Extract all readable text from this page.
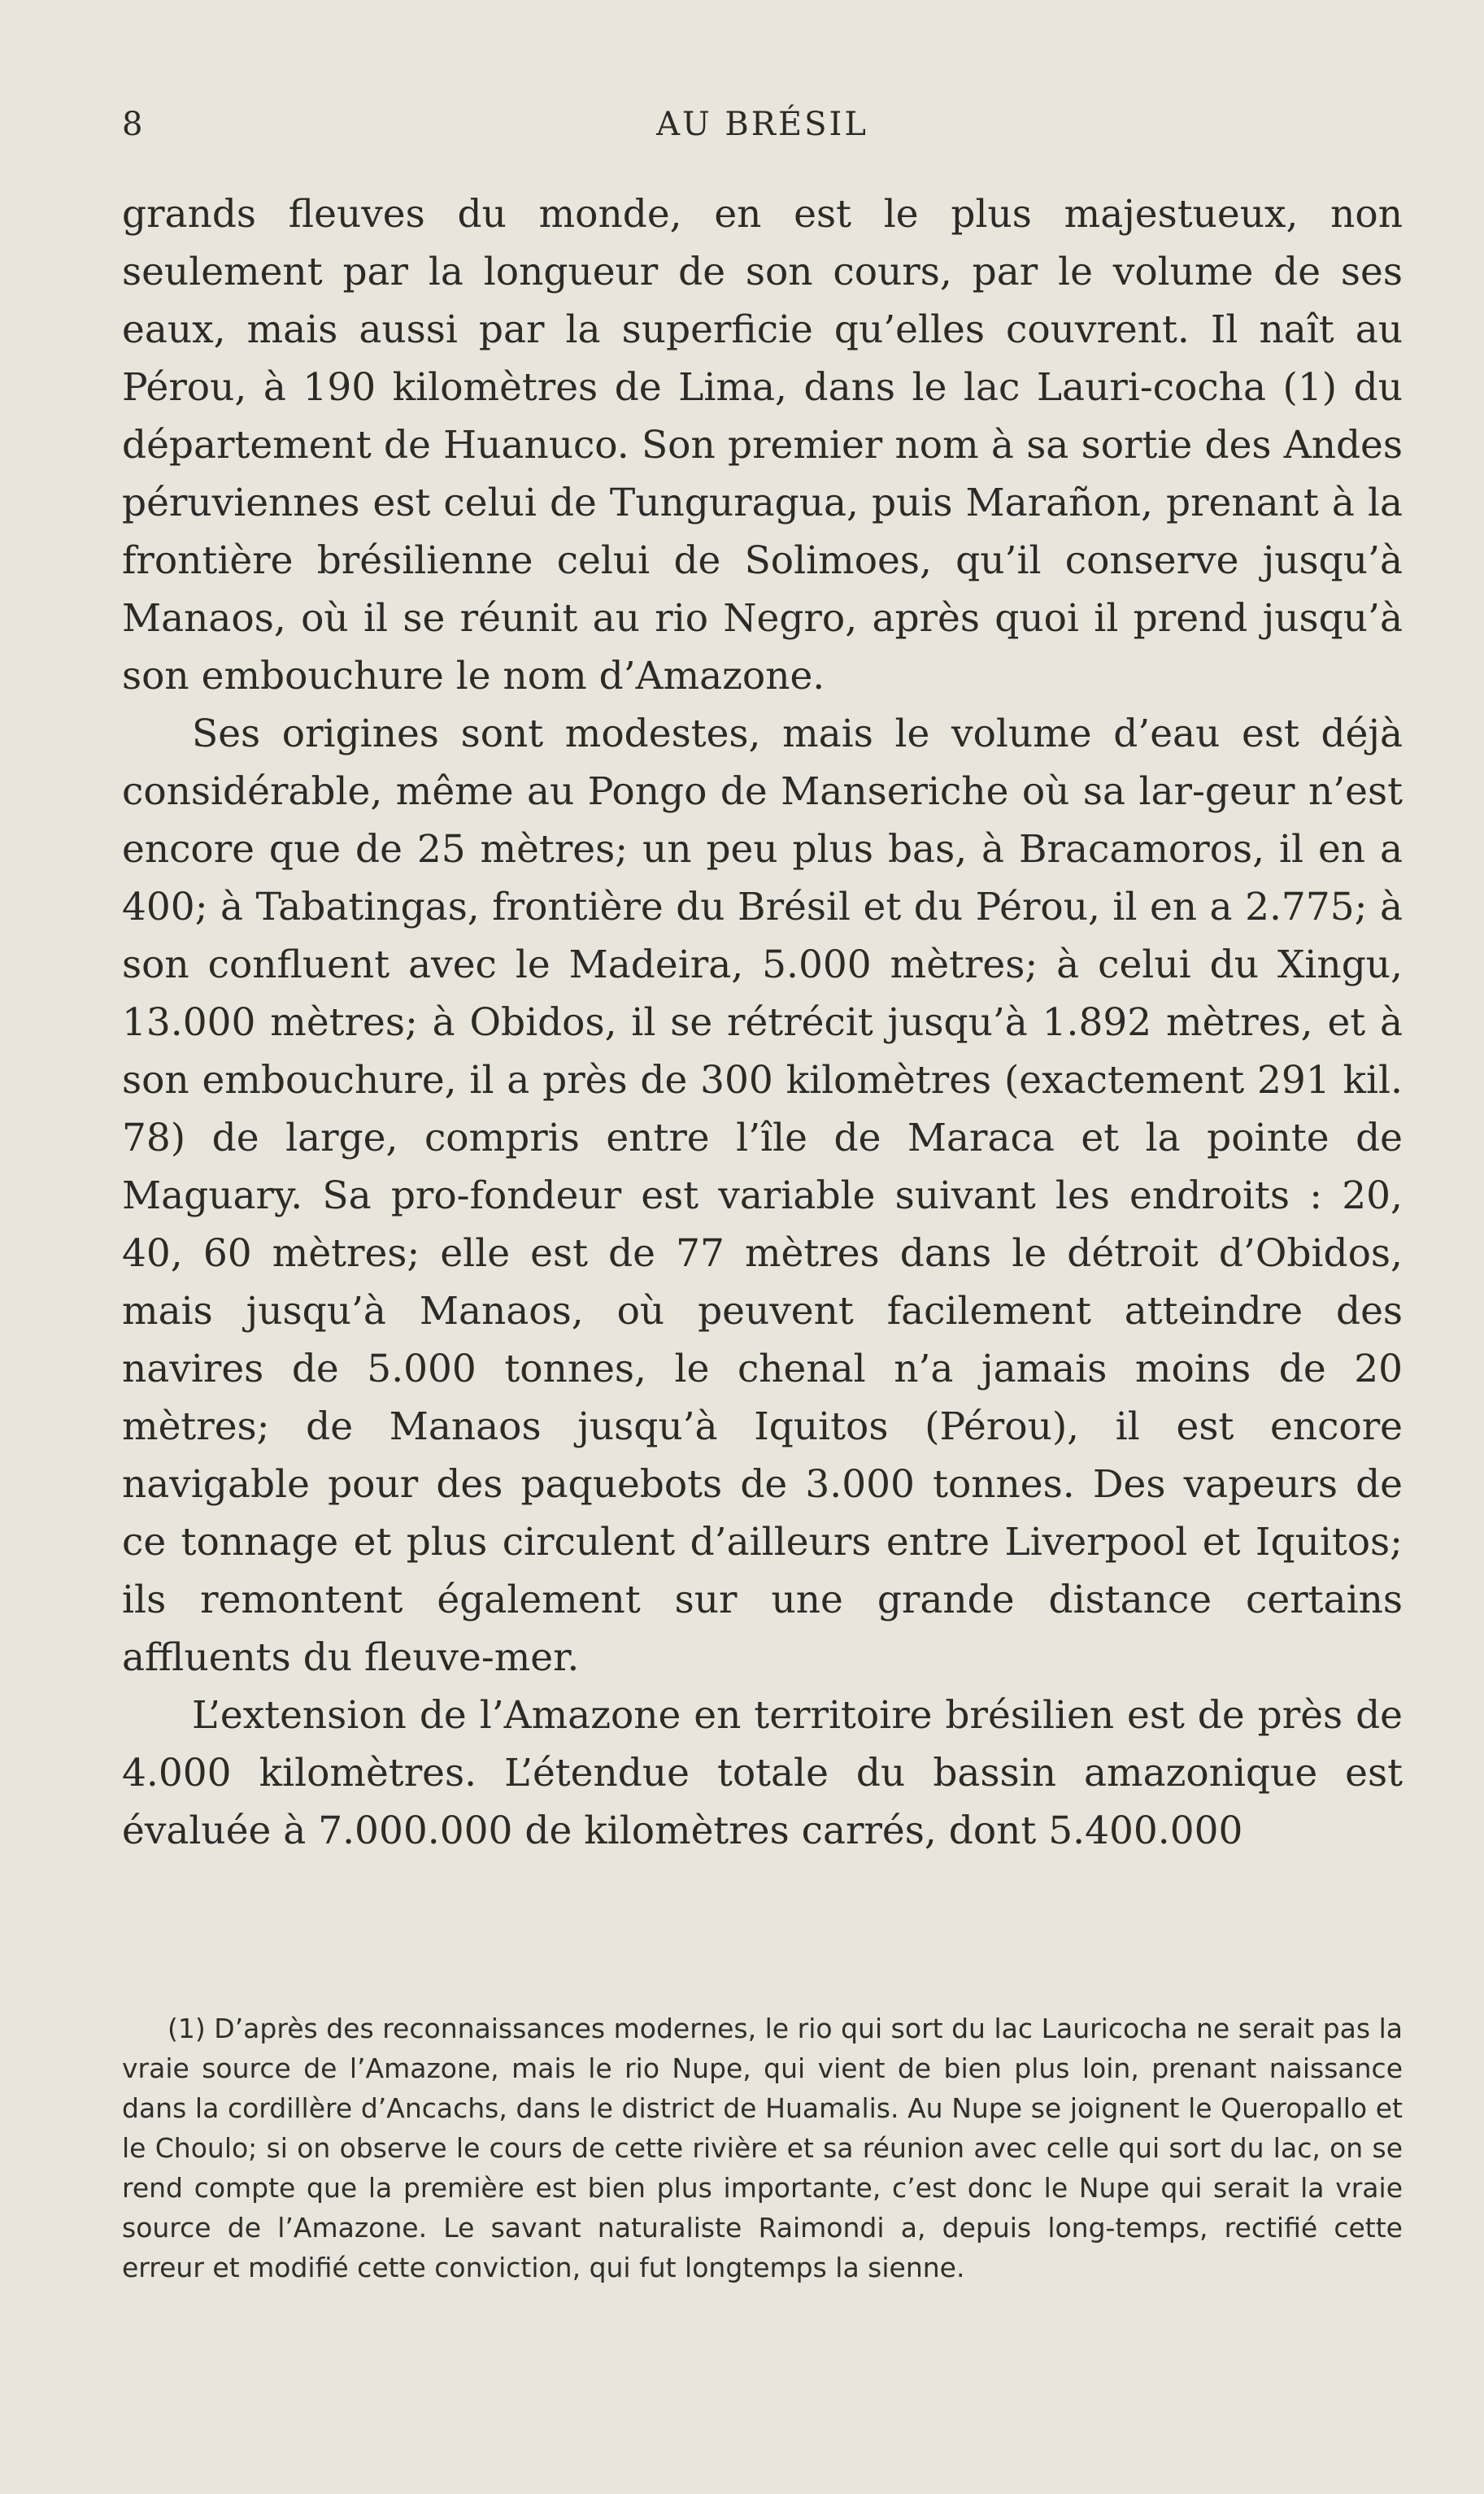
8	AU BRÉSIL

grands fleuves du monde, en est le plus majestueux, non seulement par la longueur de son cours, par le volume de ses eaux, mais aussi par la superficie qu’elles couvrent. Il naît au Pérou, à 190 kilomètres de Lima, dans le lac Lauri-cocha (1) du département de Huanuco. Son premier nom à sa sortie des Andes péruviennes est celui de Tunguragua, puis Marañon, prenant à la frontière brésilienne celui de Solimoes, qu’il conserve jusqu’à Manaos, où il se réunit au rio Negro, après quoi il prend jusqu’à son embouchure le nom d’Amazone.

Ses origines sont modestes, mais le volume d’eau est déjà considérable, même au Pongo de Manseriche où sa lar-geur n’est encore que de 25 mètres; un peu plus bas, à Bracamoros, il en a 400; à Tabatingas, frontière du Brésil et du Pérou, il en a 2.775; à son confluent avec le Madeira, 5.000 mètres; à celui du Xingu, 13.000 mètres; à Obidos, il se rétrécit jusqu’à 1.892 mètres, et à son embouchure, il a près de 300 kilomètres (exactement 291 kil. 78) de large, compris entre l’île de Maraca et la pointe de Maguary. Sa pro-fondeur est variable suivant les endroits : 20, 40, 60 mètres; elle est de 77 mètres dans le détroit d’Obidos, mais jusqu’à Manaos, où peuvent facilement atteindre des navires de 5.000 tonnes, le chenal n’a jamais moins de 20 mètres; de Manaos jusqu’à Iquitos (Pérou), il est encore navigable pour des paquebots de 3.000 tonnes. Des vapeurs de ce tonnage et plus circulent d’ailleurs entre Liverpool et Iquitos; ils remontent également sur une grande distance certains affluents du fleuve-mer.

L’extension de l’Amazone en territoire brésilien est de près de 4.000 kilomètres. L’étendue totale du bassin amazonique est évaluée à 7.000.000 de kilomètres carrés, dont 5.400.000

(1) D’après des reconnaissances modernes, le rio qui sort du lac Lauricocha ne serait pas la vraie source de l’Amazone, mais le rio Nupe, qui vient de bien plus loin, prenant naissance dans la cordillère d’Ancachs, dans le district de Huamalis. Au Nupe se joignent le Queropallo et le Choulo; si on observe le cours de cette rivière et sa réunion avec celle qui sort du lac, on se rend compte que la première est bien plus importante, c’est donc le Nupe qui serait la vraie source de l’Amazone. Le savant naturaliste Raimondi a, depuis long-temps, rectifié cette erreur et modifié cette conviction, qui fut longtemps la sienne.
